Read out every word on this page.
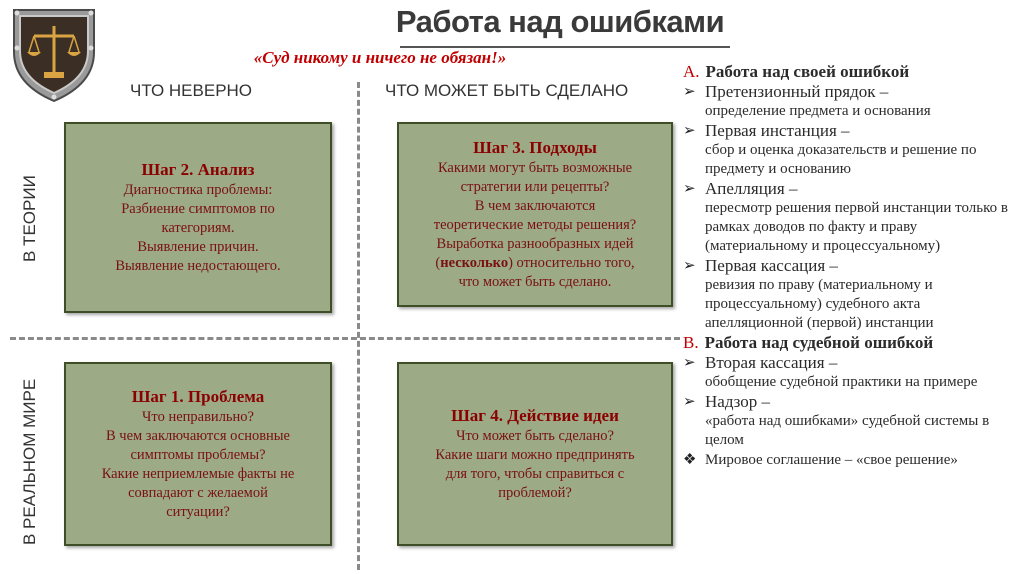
Работа над ошибками
«Суд никому и ничего не обязан!»
ЧТО НЕВЕРНО	ЧТО МОЖЕТ БЫТЬ СДЕЛАНО
В ТЕОРИИ
В РЕАЛЬНОМ МИРЕ
Шаг 2. Анализ
Диагностика проблемы:
Разбиение симптомов по
категориям.
Выявление причин.
Выявление недостающего.
Шаг 3. Подходы
Какими могут быть возможные
стратегии или рецепты?
В чем заключаются
теоретические методы решения?
Выработка разнообразных идей
(несколько) относительно того,
что может быть сделано.
Шаг 1. Проблема
Что неправильно?
В чем заключаются основные
симптомы проблемы?
Какие неприемлемые факты не
совпадают с желаемой
ситуации?
Шаг 4. Действие идеи
Что может быть сделано?
Какие шаги можно предпринять
для того, чтобы справиться с
проблемой?
A. Работа над своей ошибкой
➢ Претензионный прядок –
определение предмета и основания
➢ Первая инстанция –
сбор и оценка доказательств и решение по предмету и основанию
➢ Апелляция –
пересмотр решения первой инстанции только в рамках доводов по факту и праву (материальному и процессуальному)
➢ Первая кассация –
ревизия по праву (материальному и процессуальному) судебного акта апелляционной (первой) инстанции
B. Работа над судебной ошибкой
➢ Вторая кассация –
обобщение судебной практики на примере
➢ Надзор –
«работа над ошибками» судебной системы в целом
❖ Мировое соглашение – «свое решение»
